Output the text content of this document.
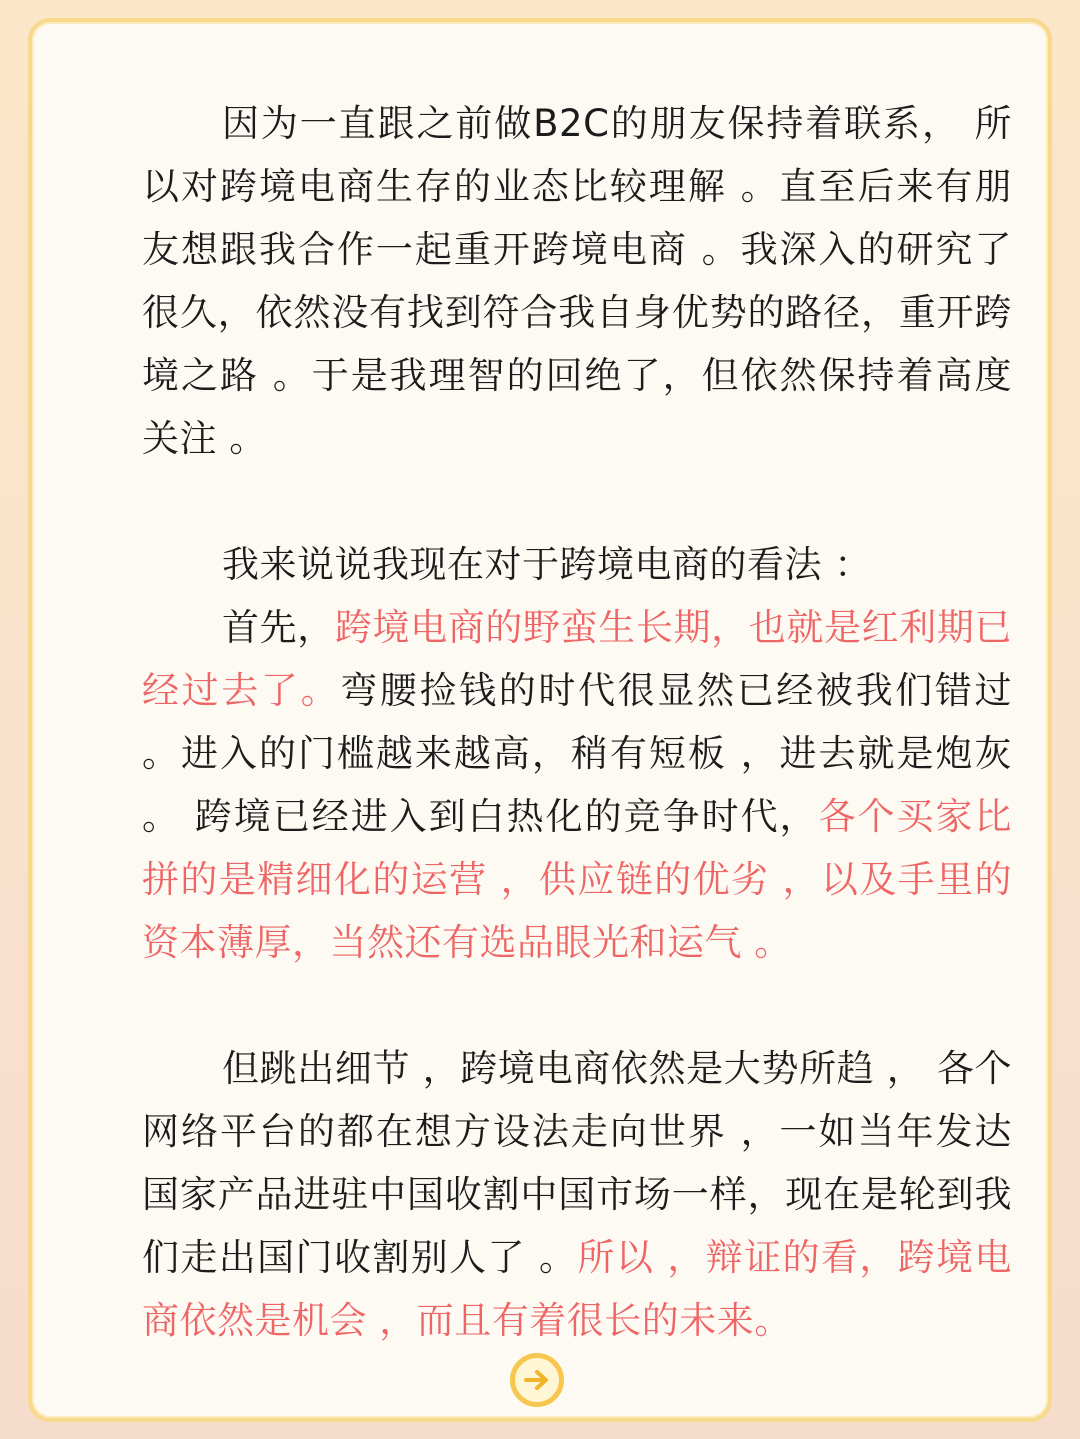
因为一直跟之前做B2C的朋友保持着联系， 所以对跨境电商生存的业态比较理解 。直至后来有朋友想跟我合作一起重开跨境电商 。我深入的研究了很久，依然没有找到符合我自身优势的路径，重开跨境之路 。于是我理智的回绝了，但依然保持着高度关注 。

我来说说我现在对于跨境电商的看法 ：

首先，跨境电商的野蛮生长期，也就是红利期已经过去了。弯腰捡钱的时代很显然已经被我们错过 。进入的门槛越来越高，稍有短板 ，进去就是炮灰 。 跨境已经进入到白热化的竞争时代，各个买家比拼的是精细化的运营 ，供应链的优劣 ，以及手里的资本薄厚，当然还有选品眼光和运气 。

但跳出细节 ，跨境电商依然是大势所趋 ， 各个网络平台的都在想方设法走向世界 ，一如当年发达国家产品进驻中国收割中国市场一样，现在是轮到我们走出国门收割别人了 。所以 ，辩证的看，跨境电商依然是机会 ，而且有着很长的未来。
